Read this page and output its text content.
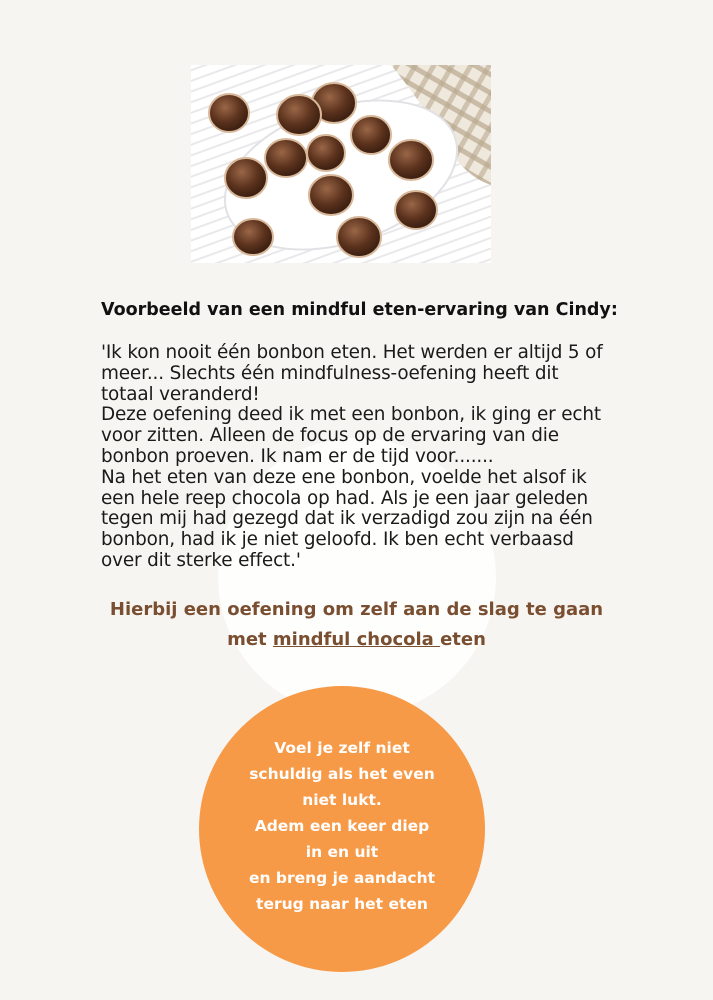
Voorbeeld van een mindful eten-ervaring van Cindy:
'Ik kon nooit één bonbon eten. Het werden er altijd 5 of
meer... Slechts één mindfulness-oefening heeft dit
totaal veranderd!
Deze oefening deed ik met een bonbon, ik ging er echt
voor zitten. Alleen de focus op de ervaring van die
bonbon proeven. Ik nam er de tijd voor.......
Na het eten van deze ene bonbon, voelde het alsof ik
een hele reep chocola op had. Als je een jaar geleden
tegen mij had gezegd dat ik verzadigd zou zijn na één
bonbon, had ik je niet geloofd. Ik ben echt verbaasd
over dit sterke effect.'
Hierbij een oefening om zelf aan de slag te gaan
met mindful chocola eten
Voel je zelf niet
schuldig als het even
niet lukt.
Adem een keer diep
in en uit
en breng je aandacht
terug naar het eten
